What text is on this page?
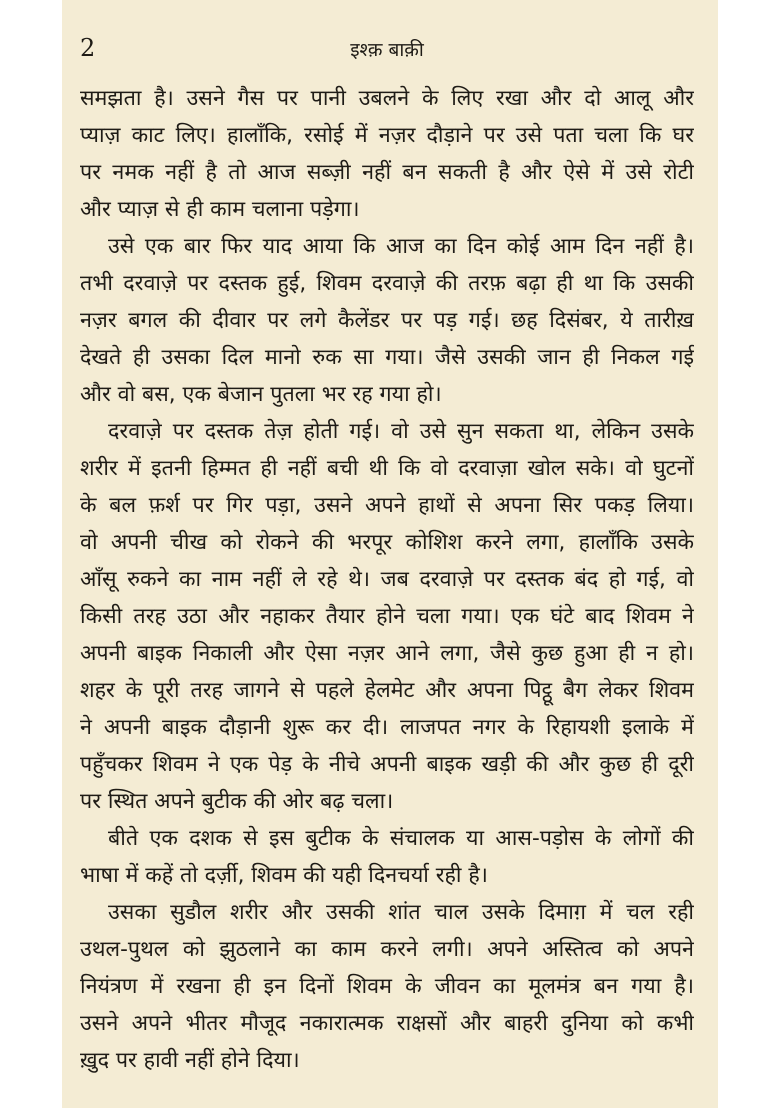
2	इश्क़ बाक़ी
समझता है। उसने गैस पर पानी उबलने के लिए रखा और दो आलू और
प्याज़ काट लिए। हालाँकि, रसोई में नज़र दौड़ाने पर उसे पता चला कि घर
पर नमक नहीं है तो आज सब्ज़ी नहीं बन सकती है और ऐसे में उसे रोटी
और प्याज़ से ही काम चलाना पड़ेगा।
उसे एक बार फिर याद आया कि आज का दिन कोई आम दिन नहीं है।
तभी दरवाज़े पर दस्तक हुई, शिवम दरवाज़े की तरफ़ बढ़ा ही था कि उसकी
नज़र बगल की दीवार पर लगे कैलेंडर पर पड़ गई। छह दिसंबर, ये तारीख़
देखते ही उसका दिल मानो रुक सा गया। जैसे उसकी जान ही निकल गई
और वो बस, एक बेजान पुतला भर रह गया हो।
दरवाज़े पर दस्तक तेज़ होती गई। वो उसे सुन सकता था, लेकिन उसके
शरीर में इतनी हिम्मत ही नहीं बची थी कि वो दरवाज़ा खोल सके। वो घुटनों
के बल फ़र्श पर गिर पड़ा, उसने अपने हाथों से अपना सिर पकड़ लिया।
वो अपनी चीख को रोकने की भरपूर कोशिश करने लगा, हालाँकि उसके
आँसू रुकने का नाम नहीं ले रहे थे। जब दरवाज़े पर दस्तक बंद हो गई, वो
किसी तरह उठा और नहाकर तैयार होने चला गया। एक घंटे बाद शिवम ने
अपनी बाइक निकाली और ऐसा नज़र आने लगा, जैसे कुछ हुआ ही न हो।
शहर के पूरी तरह जागने से पहले हेलमेट और अपना पिट्ठू बैग लेकर शिवम
ने अपनी बाइक दौड़ानी शुरू कर दी। लाजपत नगर के रिहायशी इलाके में
पहुँचकर शिवम ने एक पेड़ के नीचे अपनी बाइक खड़ी की और कुछ ही दूरी
पर स्थित अपने बुटीक की ओर बढ़ चला।
बीते एक दशक से इस बुटीक के संचालक या आस-पड़ोस के लोगों की
भाषा में कहें तो दर्ज़ी, शिवम की यही दिनचर्या रही है।
उसका सुडौल शरीर और उसकी शांत चाल उसके दिमाग़ में चल रही
उथल-पुथल को झुठलाने का काम करने लगी। अपने अस्तित्व को अपने
नियंत्रण में रखना ही इन दिनों शिवम के जीवन का मूलमंत्र बन गया है।
उसने अपने भीतर मौजूद नकारात्मक राक्षसों और बाहरी दुनिया को कभी
ख़ुद पर हावी नहीं होने दिया।
